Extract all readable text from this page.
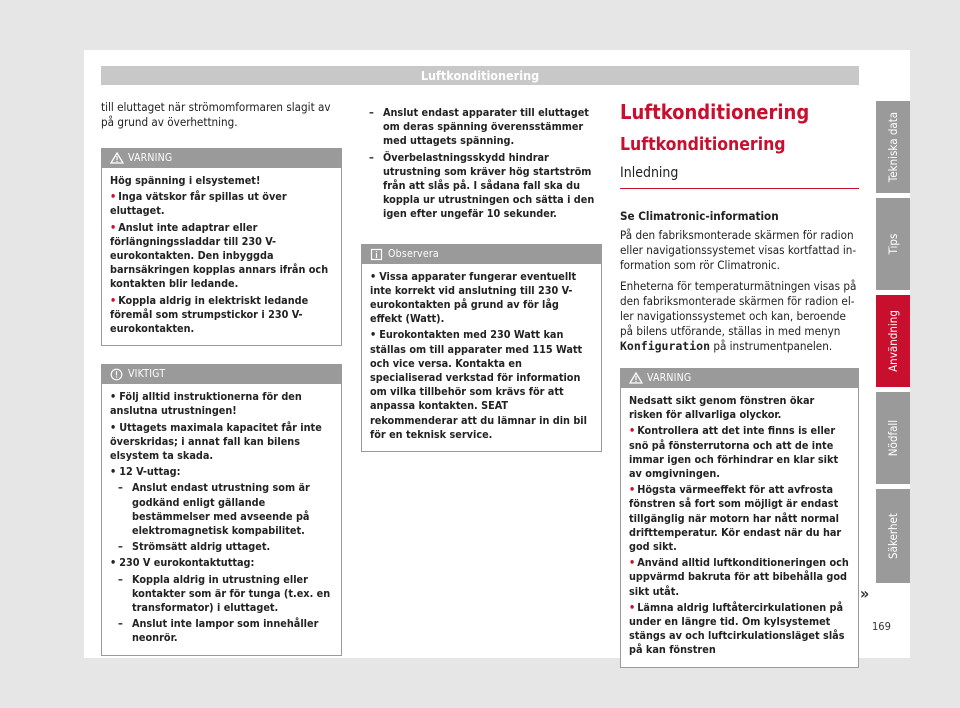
Luftkonditionering

till eluttaget när strömomformaren slagit av på grund av överhettning.

VARNING

Hög spänning i elsystemet!

• Inga vätskor får spillas ut över eluttaget.
• Anslut inte adaptrar eller förlängningssladdar till 230 V-eurokontakten. Den inbyggda barnsäkringen kopplas annars ifrån och kontakten blir ledande.
• Koppla aldrig in elektriskt ledande föremål som strumpstickor i 230 V-eurokontakten.
VIKTIGT
• Följ alltid instruktionerna för den anslutna utrustningen!
• Uttagets maximala kapacitet får inte överskridas; i annat fall kan bilens elsystem ta skada.
• 12 V-uttag:
– Anslut endast utrustning som är godkänd enligt gällande bestämmelser med avseende på elektromagnetisk kompabilitet.
– Strömsätt aldrig uttaget.
• 230 V eurokontaktuttag:
– Koppla aldrig in utrustning eller kontakter som är för tunga (t.ex. en transformator) i eluttaget.
– Anslut inte lampor som innehåller neonrör.
– Anslut endast apparater till eluttaget om deras spänning överensstämmer med uttagets spänning.
– Överbelastningsskydd hindrar utrustning som kräver hög startström från att slås på. I sådana fall ska du koppla ur utrustningen och sätta i den igen efter ungefär 10 sekunder.
Observera
• Vissa apparater fungerar eventuellt inte korrekt vid anslutning till 230 V-eurokontakten på grund av för låg effekt (Watt).
• Eurokontakten med 230 Watt kan ställas om till apparater med 115 Watt och vice versa. Kontakta en specialiserad verkstad för information om vilka tillbehör som krävs för att anpassa kontakten. SEAT rekommenderar att du lämnar in din bil för en teknisk service.
Luftkonditionering
Luftkonditionering
Inledning

Se Climatronic-information

På den fabriksmonterade skärmen för radion eller navigationssystemet visas kortfattad information som rör Climatronic.

Enheterna för temperaturmätningen visas på den fabriksmonterade skärmen för radion eller navigationssystemet och kan, beroende på bilens utförande, ställas in med menyn Konfiguration på instrumentpanelen.

VARNING

Nedsatt sikt genom fönstren ökar risken för allvarliga olyckor.

• Kontrollera att det inte finns is eller snö på fönsterrutorna och att de inte immar igen och förhindrar en klar sikt av omgivningen.
• Högsta värmeeffekt för att avfrosta fönstren så fort som möjligt är endast tillgänglig när motorn har nått normal drifttemperatur. Kör endast när du har god sikt.
• Använd alltid luftkonditioneringen och uppvärmd bakruta för att bibehålla god sikt utåt.
• Lämna aldrig luftåtercirkulationen på under en längre tid. Om kylsystemet stängs av och luftcirkulationsläget slås på kan fönstren
»
Tekniska data
Tips
Användning
Nödfall
Säkerhet
169
